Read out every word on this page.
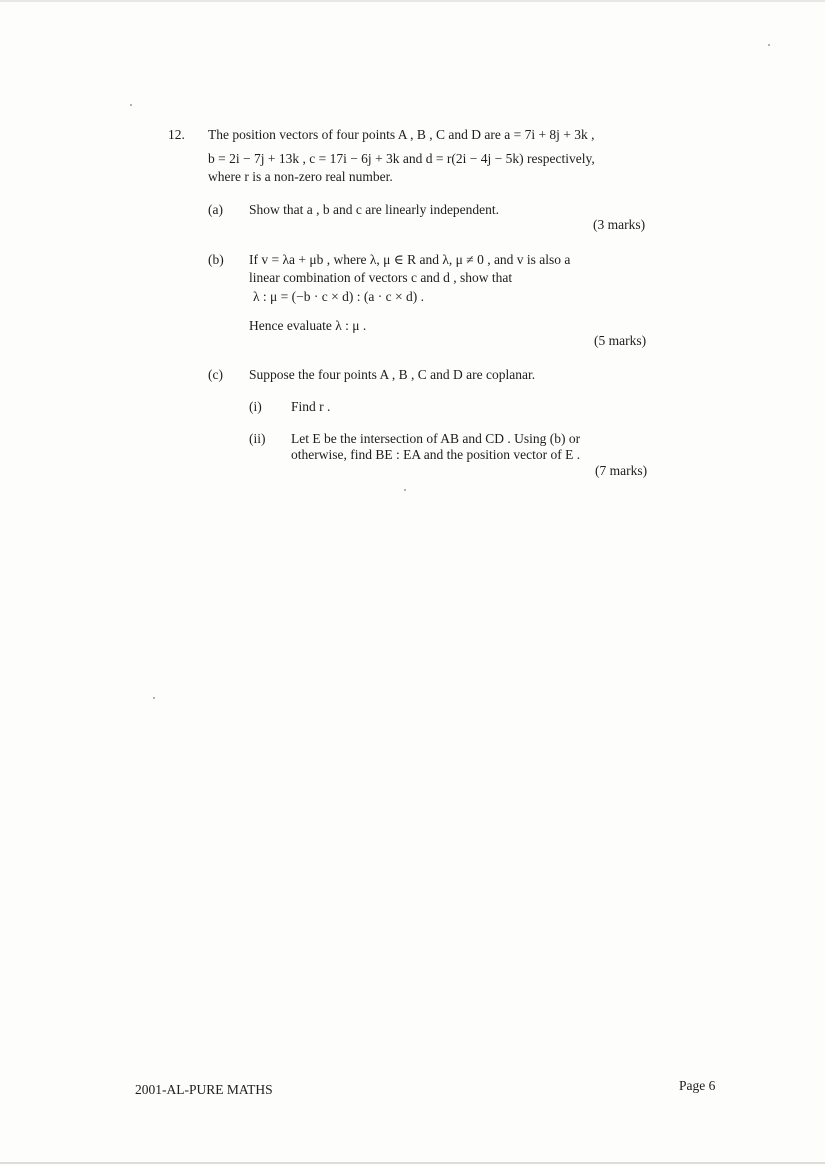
12. The position vectors of four points A , B , C and D are a = 7i + 8j + 3k ,
b = 2i − 7j + 13k , c = 17i − 6j + 3k and d = r(2i − 4j − 5k) respectively,
where r is a non-zero real number.
(a) Show that a , b and c are linearly independent.
(3 marks)
(b) If v = λa + μb , where λ, μ ∈ R and λ, μ ≠ 0 , and v is also a
linear combination of vectors c and d , show that
λ : μ = (−b · c × d) : (a · c × d) .
Hence evaluate λ : μ .
(5 marks)
(c) Suppose the four points A , B , C and D are coplanar.
(i) Find r .
(ii) Let E be the intersection of AB and CD . Using (b) or
otherwise, find BE : EA and the position vector of E .
(7 marks)
2001-AL-PURE MATHS	Page 6
